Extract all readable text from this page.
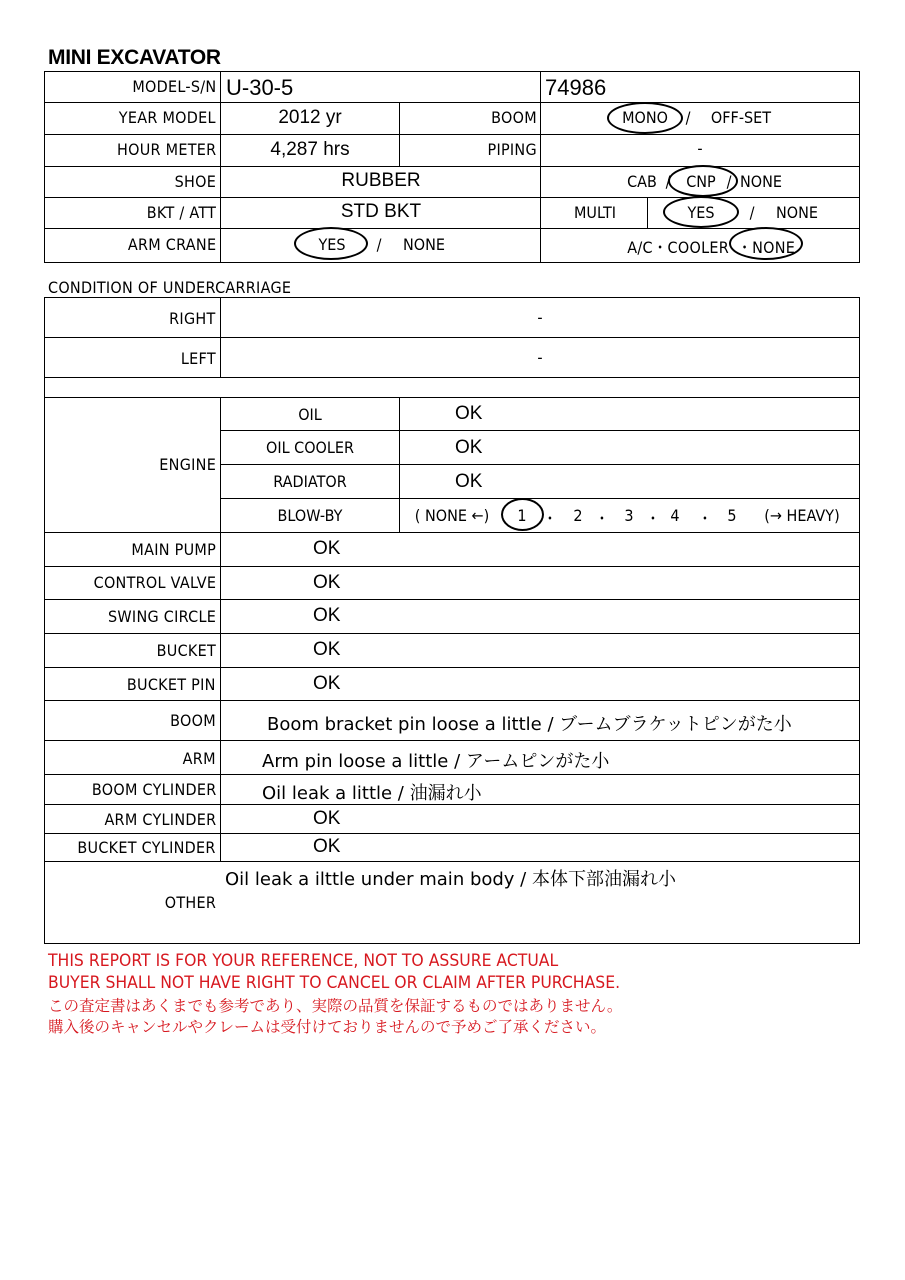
MINI EXCAVATOR
MODEL-S/N U-30-5	74986
YEAR MODEL	2012 yr	BOOM	MONO	/	OFF-SET
HOUR METER	4,287 hrs	PIPING	-
SHOE	RUBBER	CAB / CNP / NONE
BKT / ATT	STD BKT	MULTI	YES	/ NONE
ARM CRANE	YES	/ NONE	A/C・COOLER ・NONE
CONDITION OF UNDERCARRIAGE
RIGHT	-
LEFT	-
ENGINE
OIL	OK
OIL COOLER	OK
RADIATOR	OK
BLOW-BY	( NONE ←) 1 ・ 2 ・ 3 ・ 4 ・ 5	(→ HEAVY)
MAIN PUMP	OK
CONTROL VALVE	OK
SWING CIRCLE	OK
BUCKET	OK
BUCKET PIN	OK
BOOM	Boom bracket pin loose a little / ブームブラケットピンがた小
ARM	Arm pin loose a little / アームピンがた小
BOOM CYLINDER	Oil leak a little / 油漏れ小
ARM CYLINDER	OK
BUCKET CYLINDER	OK
OTHER
Oil leak a ilttle under main body / 本体下部油漏れ小
THIS REPORT IS FOR YOUR REFERENCE, NOT TO ASSURE ACTUAL
BUYER SHALL NOT HAVE RIGHT TO CANCEL OR CLAIM AFTER PURCHASE.
この査定書はあくまでも参考であり、実際の品質を保証するものではありません。
購入後のキャンセルやクレームは受付けておりませんので予めご了承ください。
